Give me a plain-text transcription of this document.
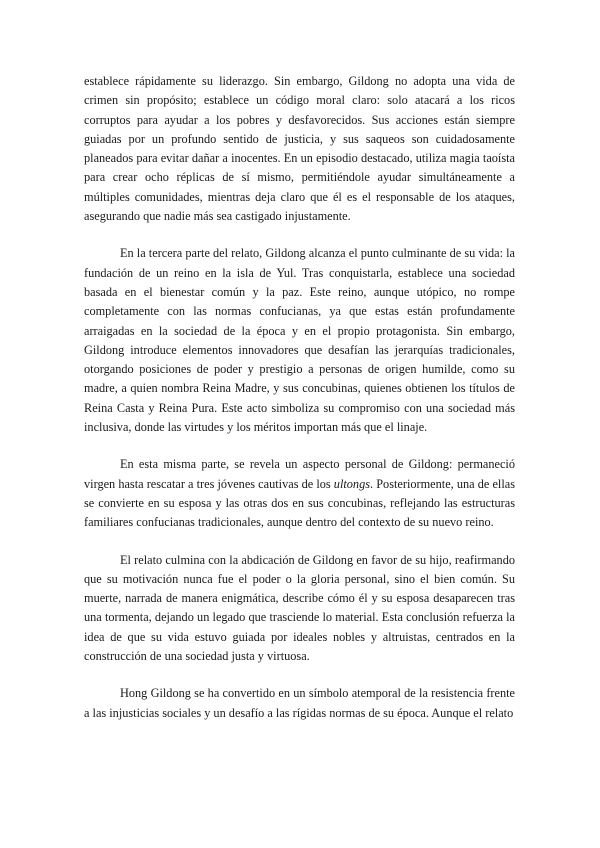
establece rápidamente su liderazgo. Sin embargo, Gildong no adopta una vida de crimen sin propósito; establece un código moral claro: solo atacará a los ricos corruptos para ayudar a los pobres y desfavorecidos. Sus acciones están siempre guiadas por un profundo sentido de justicia, y sus saqueos son cuidadosamente planeados para evitar dañar a inocentes. En un episodio destacado, utiliza magia taoísta para crear ocho réplicas de sí mismo, permitiéndole ayudar simultáneamente a múltiples comunidades, mientras deja claro que él es el responsable de los ataques, asegurando que nadie más sea castigado injustamente.

En la tercera parte del relato, Gildong alcanza el punto culminante de su vida: la fundación de un reino en la isla de Yul. Tras conquistarla, establece una sociedad basada en el bienestar común y la paz. Este reino, aunque utópico, no rompe completamente con las normas confucianas, ya que estas están profundamente arraigadas en la sociedad de la época y en el propio protagonista. Sin embargo, Gildong introduce elementos innovadores que desafían las jerarquías tradicionales, otorgando posiciones de poder y prestigio a personas de origen humilde, como su madre, a quien nombra Reina Madre, y sus concubinas, quienes obtienen los títulos de Reina Casta y Reina Pura. Este acto simboliza su compromiso con una sociedad más inclusiva, donde las virtudes y los méritos importan más que el linaje.

En esta misma parte, se revela un aspecto personal de Gildong: permaneció virgen hasta rescatar a tres jóvenes cautivas de los ultongs. Posteriormente, una de ellas se convierte en su esposa y las otras dos en sus concubinas, reflejando las estructuras familiares confucianas tradicionales, aunque dentro del contexto de su nuevo reino.

El relato culmina con la abdicación de Gildong en favor de su hijo, reafirmando que su motivación nunca fue el poder o la gloria personal, sino el bien común. Su muerte, narrada de manera enigmática, describe cómo él y su esposa desaparecen tras una tormenta, dejando un legado que trasciende lo material. Esta conclusión refuerza la idea de que su vida estuvo guiada por ideales nobles y altruistas, centrados en la construcción de una sociedad justa y virtuosa.

Hong Gildong se ha convertido en un símbolo atemporal de la resistencia frente a las injusticias sociales y un desafío a las rígidas normas de su época. Aunque el relato
